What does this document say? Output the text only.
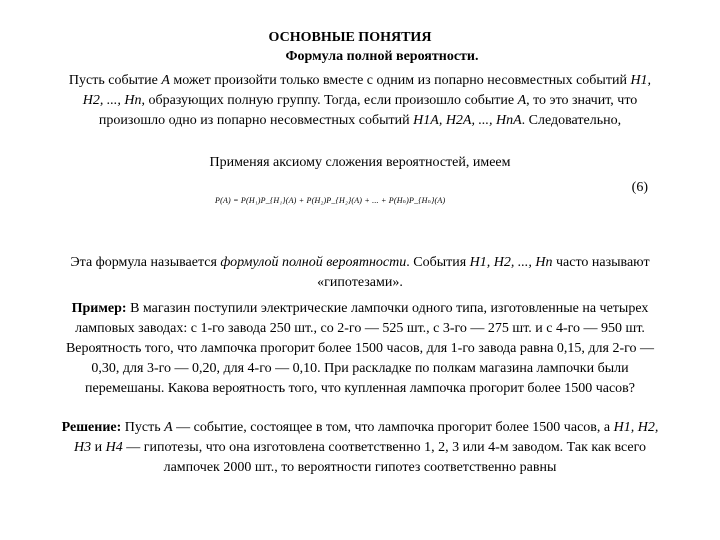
ОСНОВНЫЕ ПОНЯТИЯ
Формула полной вероятности.
Пусть событие A может произойти только вместе с одним из попарно несовместных событий H1, H2, ..., Hn, образующих полную группу. Тогда, если произошло событие A, то это значит, что произошло одно из попарно несовместных событий H1A, H2A, ..., HnA. Следовательно,
Применяя аксиому сложения вероятностей, имеем
(6)
P(A) = P(H₁)P_{H₁}(A) + P(H₂)P_{H₂}(A) + ... + P(Hₙ)P_{Hₙ}(A)
Эта формула называется формулой полной вероятности. События H1, H2, ..., Hn часто называют «гипотезами».
Пример: В магазин поступили электрические лампочки одного типа, изготовленные на четырех ламповых заводах: с 1-го завода 250 шт., со 2-го — 525 шт., с 3-го — 275 шт. и с 4-го — 950 шт. Вероятность того, что лампочка прогорит более 1500 часов, для 1-го завода равна 0,15, для 2-го — 0,30, для 3-го — 0,20, для 4-го — 0,10. При раскладке по полкам магазина лампочки были перемешаны. Какова вероятность того, что купленная лампочка прогорит более 1500 часов?
Решение: Пусть A — событие, состоящее в том, что лампочка прогорит более 1500 часов, а H1, H2, H3 и H4 — гипотезы, что она изготовлена соответственно 1, 2, 3 или 4-м заводом. Так как всего лампочек 2000 шт., то вероятности гипотез соответственно равны
